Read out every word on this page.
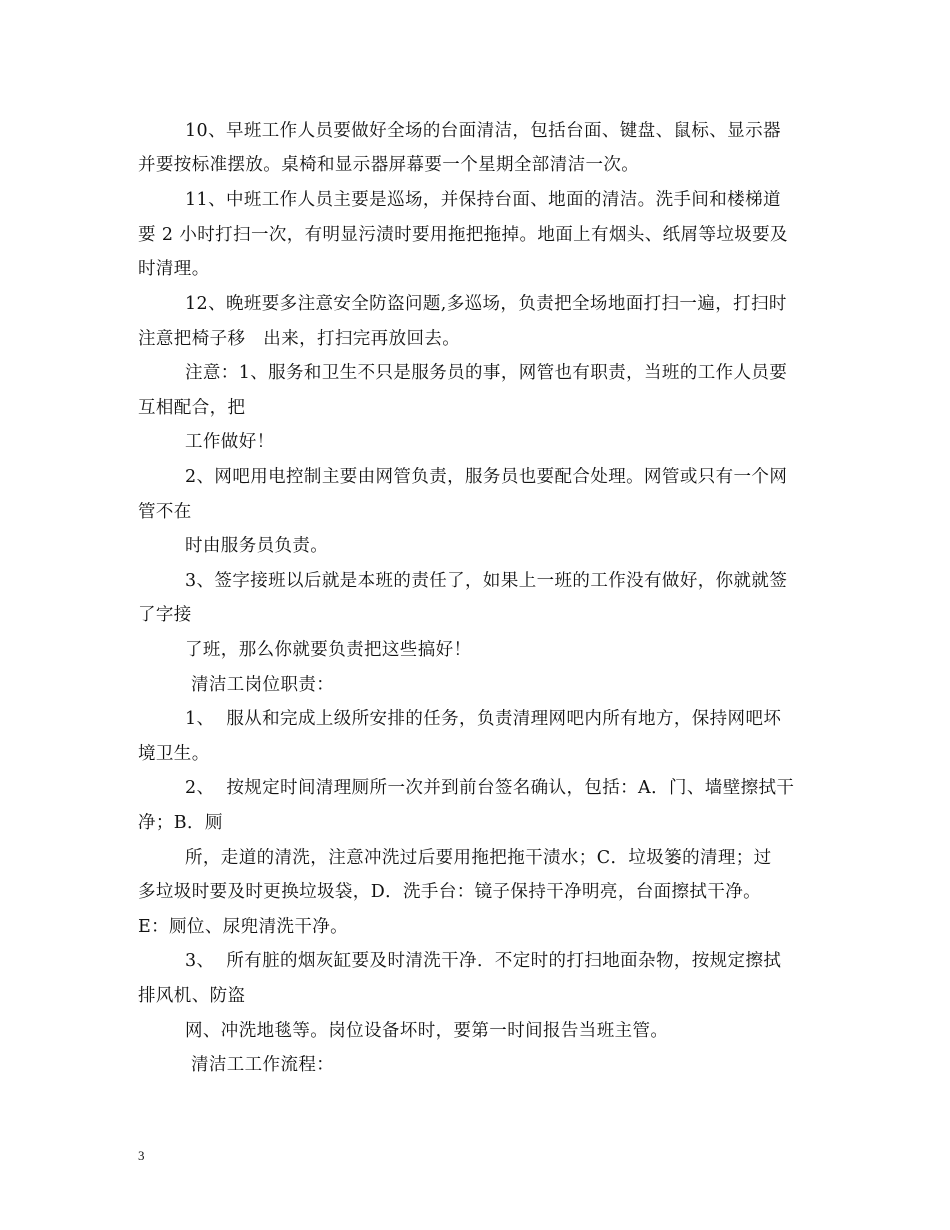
10、早班工作人员要做好全场的台面清洁，包括台面、键盘、鼠标、显示器
并要按标准摆放。桌椅和显示器屏幕要一个星期全部清洁一次。
11、中班工作人员主要是巡场，并保持台面、地面的清洁。洗手间和楼梯道
要 2 小时打扫一次，有明显污渍时要用拖把拖掉。地面上有烟头、纸屑等垃圾要及
时清理。
12、晚班要多注意安全防盗问题,多巡场，负责把全场地面打扫一遍，打扫时
注意把椅子移   出来，打扫完再放回去。
注意：1、服务和卫生不只是服务员的事，网管也有职责，当班的工作人员要
互相配合，把
工作做好！
2、网吧用电控制主要由网管负责，服务员也要配合处理。网管或只有一个网
管不在
时由服务员负责。
3、签字接班以后就是本班的责任了，如果上一班的工作没有做好，你就就签
了字接
了班，那么你就要负责把这些搞好！
清洁工岗位职责：
1、  服从和完成上级所安排的任务，负责清理网吧内所有地方，保持网吧坏
境卫生。
2、  按规定时间清理厕所一次并到前台签名确认，包括：A．门、墙壁擦拭干
净；B．厕
所，走道的清洗，注意冲洗过后要用拖把拖干渍水；C．垃圾篓的清理；过
多垃圾时要及时更换垃圾袋，D．洗手台：镜子保持干净明亮，台面擦拭干净。
E：厕位、尿兜清洗干净。
3、  所有脏的烟灰缸要及时清洗干净．不定时的打扫地面杂物，按规定擦拭
排风机、防盗
网、冲洗地毯等。岗位设备坏时，要第一时间报告当班主管。
清洁工工作流程：
3
